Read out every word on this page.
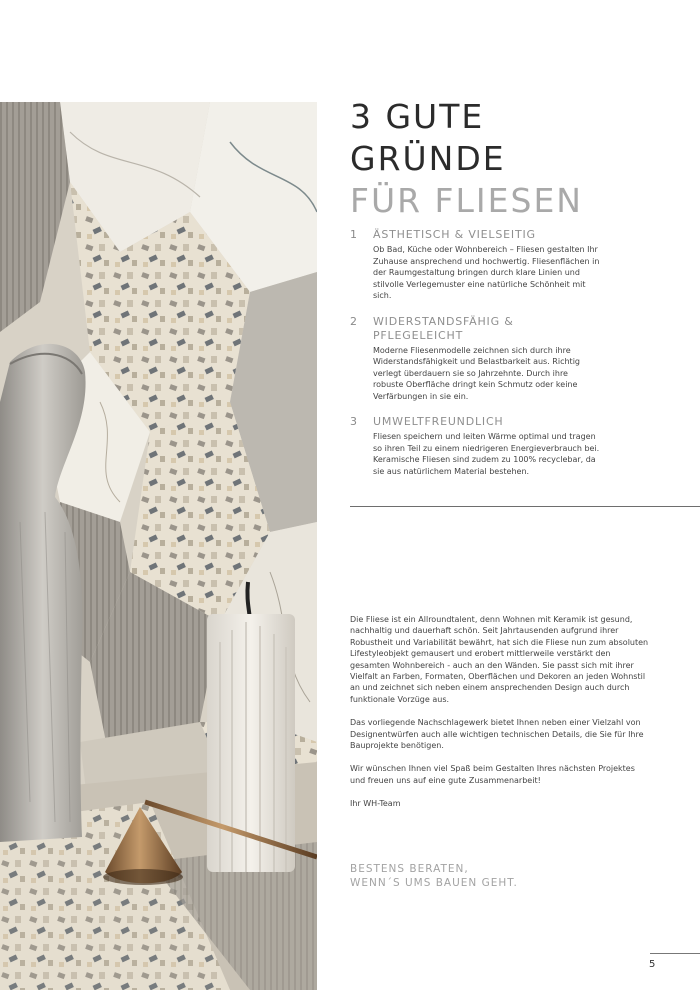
3 GUTE
GRÜNDE
FÜR FLIESEN
1 ÄSTHETISCH & VIELSEITIG
Ob Bad, Küche oder Wohnbereich – Fliesen gestalten Ihr Zuhause ansprechend und hochwertig. Fliesenflächen in der Raumgestaltung bringen durch klare Linien und stilvolle Verlegemuster eine natürliche Schönheit mit sich.
2 WIDERSTANDSFÄHIG & PFLEGELEICHT
Moderne Fliesenmodelle zeichnen sich durch ihre Widerstandsfähigkeit und Belastbarkeit aus. Richtig verlegt überdauern sie so Jahrzehnte. Durch ihre robuste Oberfläche dringt kein Schmutz oder keine Verfärbungen in sie ein.
3 UMWELTFREUNDLICH
Fliesen speichern und leiten Wärme optimal und tragen so ihren Teil zu einem niedrigeren Energieverbrauch bei. Keramische Fliesen sind zudem zu 100% recyclebar, da sie aus natürlichem Material bestehen.

Die Fliese ist ein Allroundtalent, denn Wohnen mit Keramik ist gesund, nachhaltig und dauerhaft schön. Seit Jahrtausenden aufgrund ihrer Robustheit und Variabilität bewährt, hat sich die Fliese nun zum absoluten Lifestyleobjekt gemausert und erobert mittlerweile verstärkt den gesamten Wohnbereich - auch an den Wänden. Sie passt sich mit ihrer Vielfalt an Farben, Formaten, Oberflächen und Dekoren an jeden Wohnstil an und zeichnet sich neben einem ansprechenden Design auch durch funktionale Vorzüge aus.

Das vorliegende Nachschlagewerk bietet Ihnen neben einer Vielzahl von Designentwürfen auch alle wichtigen technischen Details, die Sie für Ihre Bauprojekte benötigen.

Wir wünschen Ihnen viel Spaß beim Gestalten Ihres nächsten Projektes und freuen uns auf eine gute Zusammenarbeit!

Ihr WH-Team

BESTENS BERATEN,
WENN´S UMS BAUEN GEHT.
5
